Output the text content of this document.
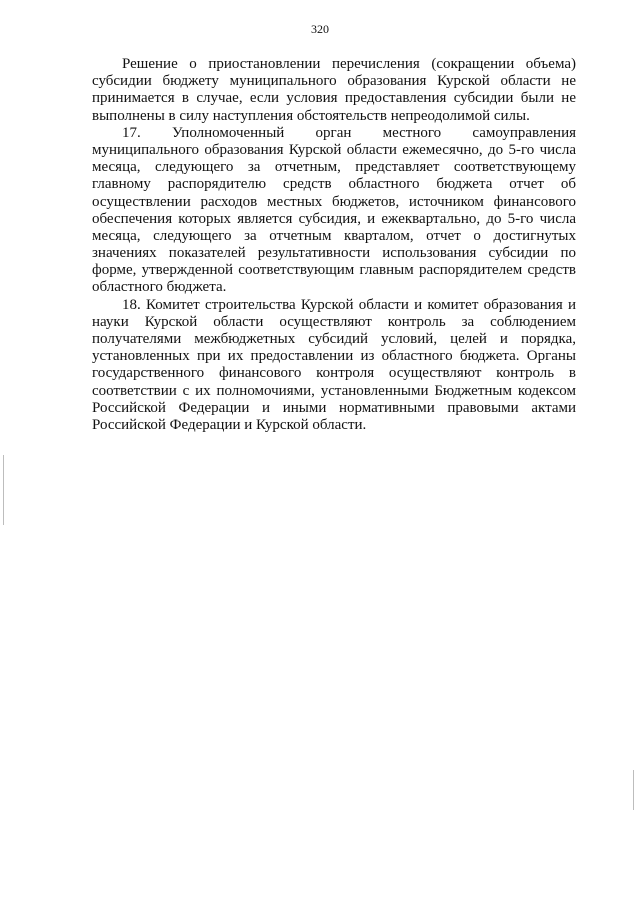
320
Решение о приостановлении перечисления (сокращении объема)
субсидии бюджету муниципального образования Курской области не
принимается в случае, если условия предоставления субсидии были не
выполнены в силу наступления обстоятельств непреодолимой силы.
17. Уполномоченный орган местного самоуправления
муниципального образования Курской области ежемесячно, до 5-го числа
месяца, следующего за отчетным, представляет соответствующему
главному распорядителю средств областного бюджета отчет об
осуществлении расходов местных бюджетов, источником финансового
обеспечения которых является субсидия, и ежеквартально, до 5-го числа
месяца, следующего за отчетным кварталом, отчет о достигнутых
значениях показателей результативности использования субсидии по
форме, утвержденной соответствующим главным распорядителем средств
областного бюджета.
18. Комитет строительства Курской области и комитет образования и
науки Курской области осуществляют контроль за соблюдением
получателями межбюджетных субсидий условий, целей и порядка,
установленных при их предоставлении из областного бюджета. Органы
государственного финансового контроля осуществляют контроль в
соответствии с их полномочиями, установленными Бюджетным кодексом
Российской Федерации и иными нормативными правовыми актами
Российской Федерации и Курской области.
